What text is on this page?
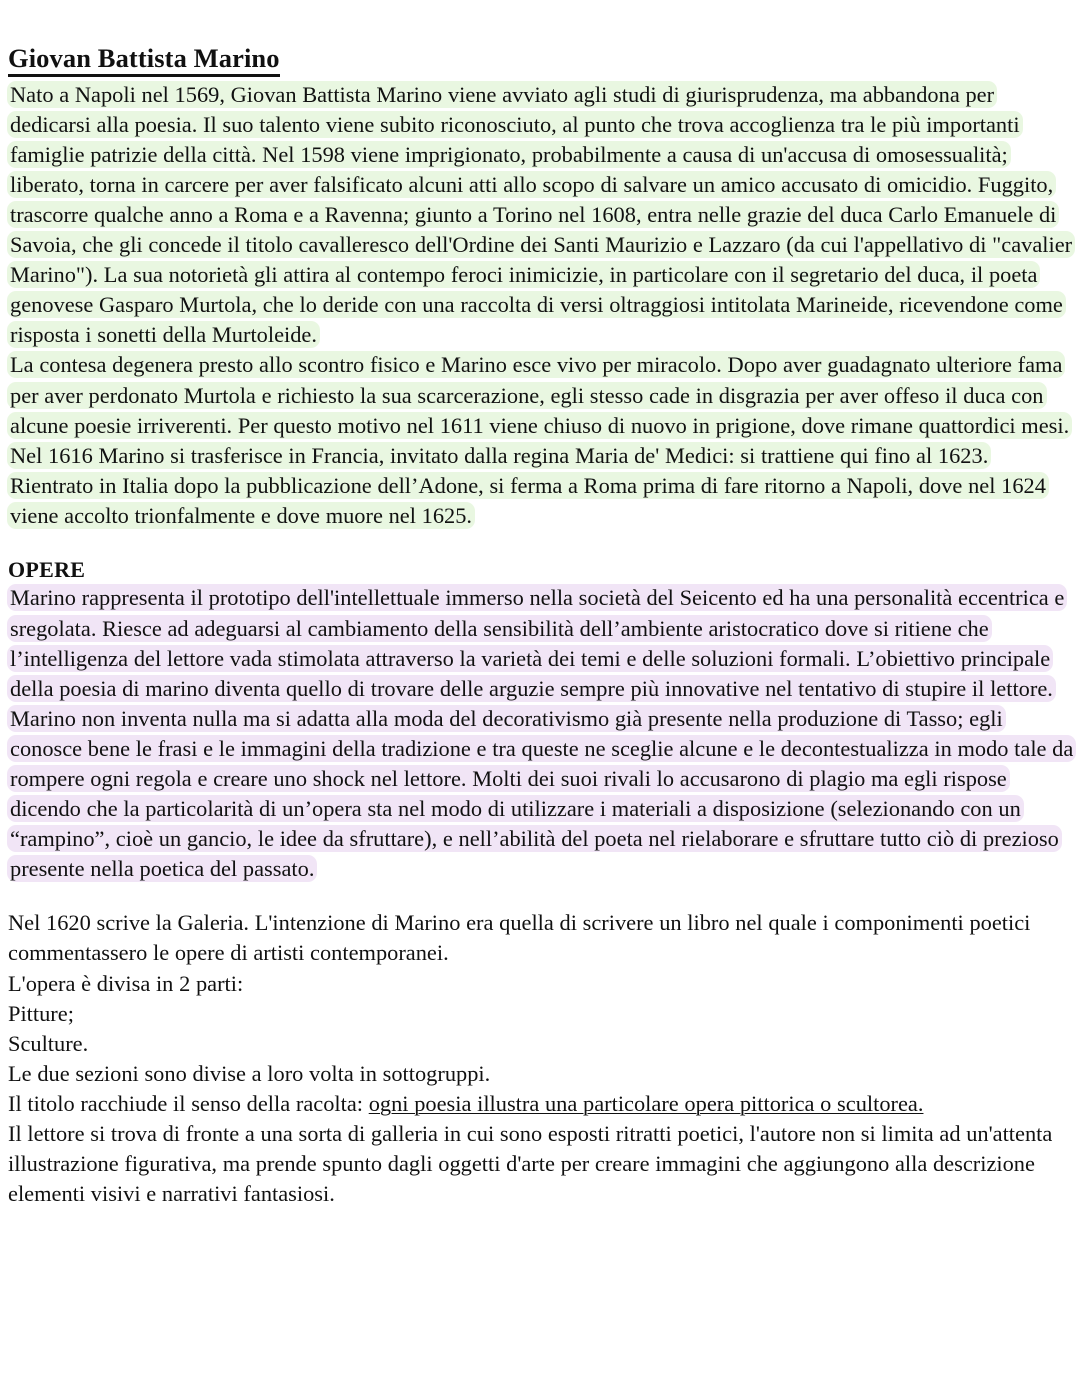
Giovan Battista Marino

Nato a Napoli nel 1569, Giovan Battista Marino viene avviato agli studi di giurisprudenza, ma abbandona per dedicarsi alla poesia. Il suo talento viene subito riconosciuto, al punto che trova accoglienza tra le più importanti famiglie patrizie della città. Nel 1598 viene imprigionato, probabilmente a causa di un'accusa di omosessualità; liberato, torna in carcere per aver falsificato alcuni atti allo scopo di salvare un amico accusato di omicidio. Fuggito, trascorre qualche anno a Roma e a Ravenna; giunto a Torino nel 1608, entra nelle grazie del duca Carlo Emanuele di Savoia, che gli concede il titolo cavalleresco dell'Ordine dei Santi Maurizio e Lazzaro (da cui l'appellativo di "cavalier Marino"). La sua notorietà gli attira al contempo feroci inimicizie, in particolare con il segretario del duca, il poeta genovese Gasparo Murtola, che lo deride con una raccolta di versi oltraggiosi intitolata Marineide, ricevendone come risposta i sonetti della Murtoleide.

La contesa degenera presto allo scontro fisico e Marino esce vivo per miracolo. Dopo aver guadagnato ulteriore fama per aver perdonato Murtola e richiesto la sua scarcerazione, egli stesso cade in disgrazia per aver offeso il duca con alcune poesie irriverenti. Per questo motivo nel 1611 viene chiuso di nuovo in prigione, dove rimane quattordici mesi. Nel 1616 Marino si trasferisce in Francia, invitato dalla regina Maria de' Medici: si trattiene qui fino al 1623. Rientrato in Italia dopo la pubblicazione dell’Adone, si ferma a Roma prima di fare ritorno a Napoli, dove nel 1624 viene accolto trionfalmente e dove muore nel 1625.

OPERE

Marino rappresenta il prototipo dell'intellettuale immerso nella società del Seicento ed ha una personalità eccentrica e sregolata. Riesce ad adeguarsi al cambiamento della sensibilità dell’ambiente aristocratico dove si ritiene che l’intelligenza del lettore vada stimolata attraverso la varietà dei temi e delle soluzioni formali. L’obiettivo principale della poesia di marino diventa quello di trovare delle arguzie sempre più innovative nel tentativo di stupire il lettore. Marino non inventa nulla ma si adatta alla moda del decorativismo già presente nella produzione di Tasso; egli conosce bene le frasi e le immagini della tradizione e tra queste ne sceglie alcune e le decontestualizza in modo tale da rompere ogni regola e creare uno shock nel lettore. Molti dei suoi rivali lo accusarono di plagio ma egli rispose dicendo che la particolarità di un’opera sta nel modo di utilizzare i materiali a disposizione (selezionando con un “rampino”, cioè un gancio, le idee da sfruttare), e nell’abilità del poeta nel rielaborare e sfruttare tutto ciò di prezioso presente nella poetica del passato.

Nel 1620 scrive la Galeria. L'intenzione di Marino era quella di scrivere un libro nel quale i componimenti poetici commentassero le opere di artisti contemporanei.

L'opera è divisa in 2 parti:

Pitture;

Sculture.

Le due sezioni sono divise a loro volta in sottogruppi.

Il titolo racchiude il senso della racolta: ogni poesia illustra una particolare opera pittorica o scultorea.

Il lettore si trova di fronte a una sorta di galleria in cui sono esposti ritratti poetici, l'autore non si limita ad un'attenta illustrazione figurativa, ma prende spunto dagli oggetti d'arte per creare immagini che aggiungono alla descrizione elementi visivi e narrativi fantasiosi.
